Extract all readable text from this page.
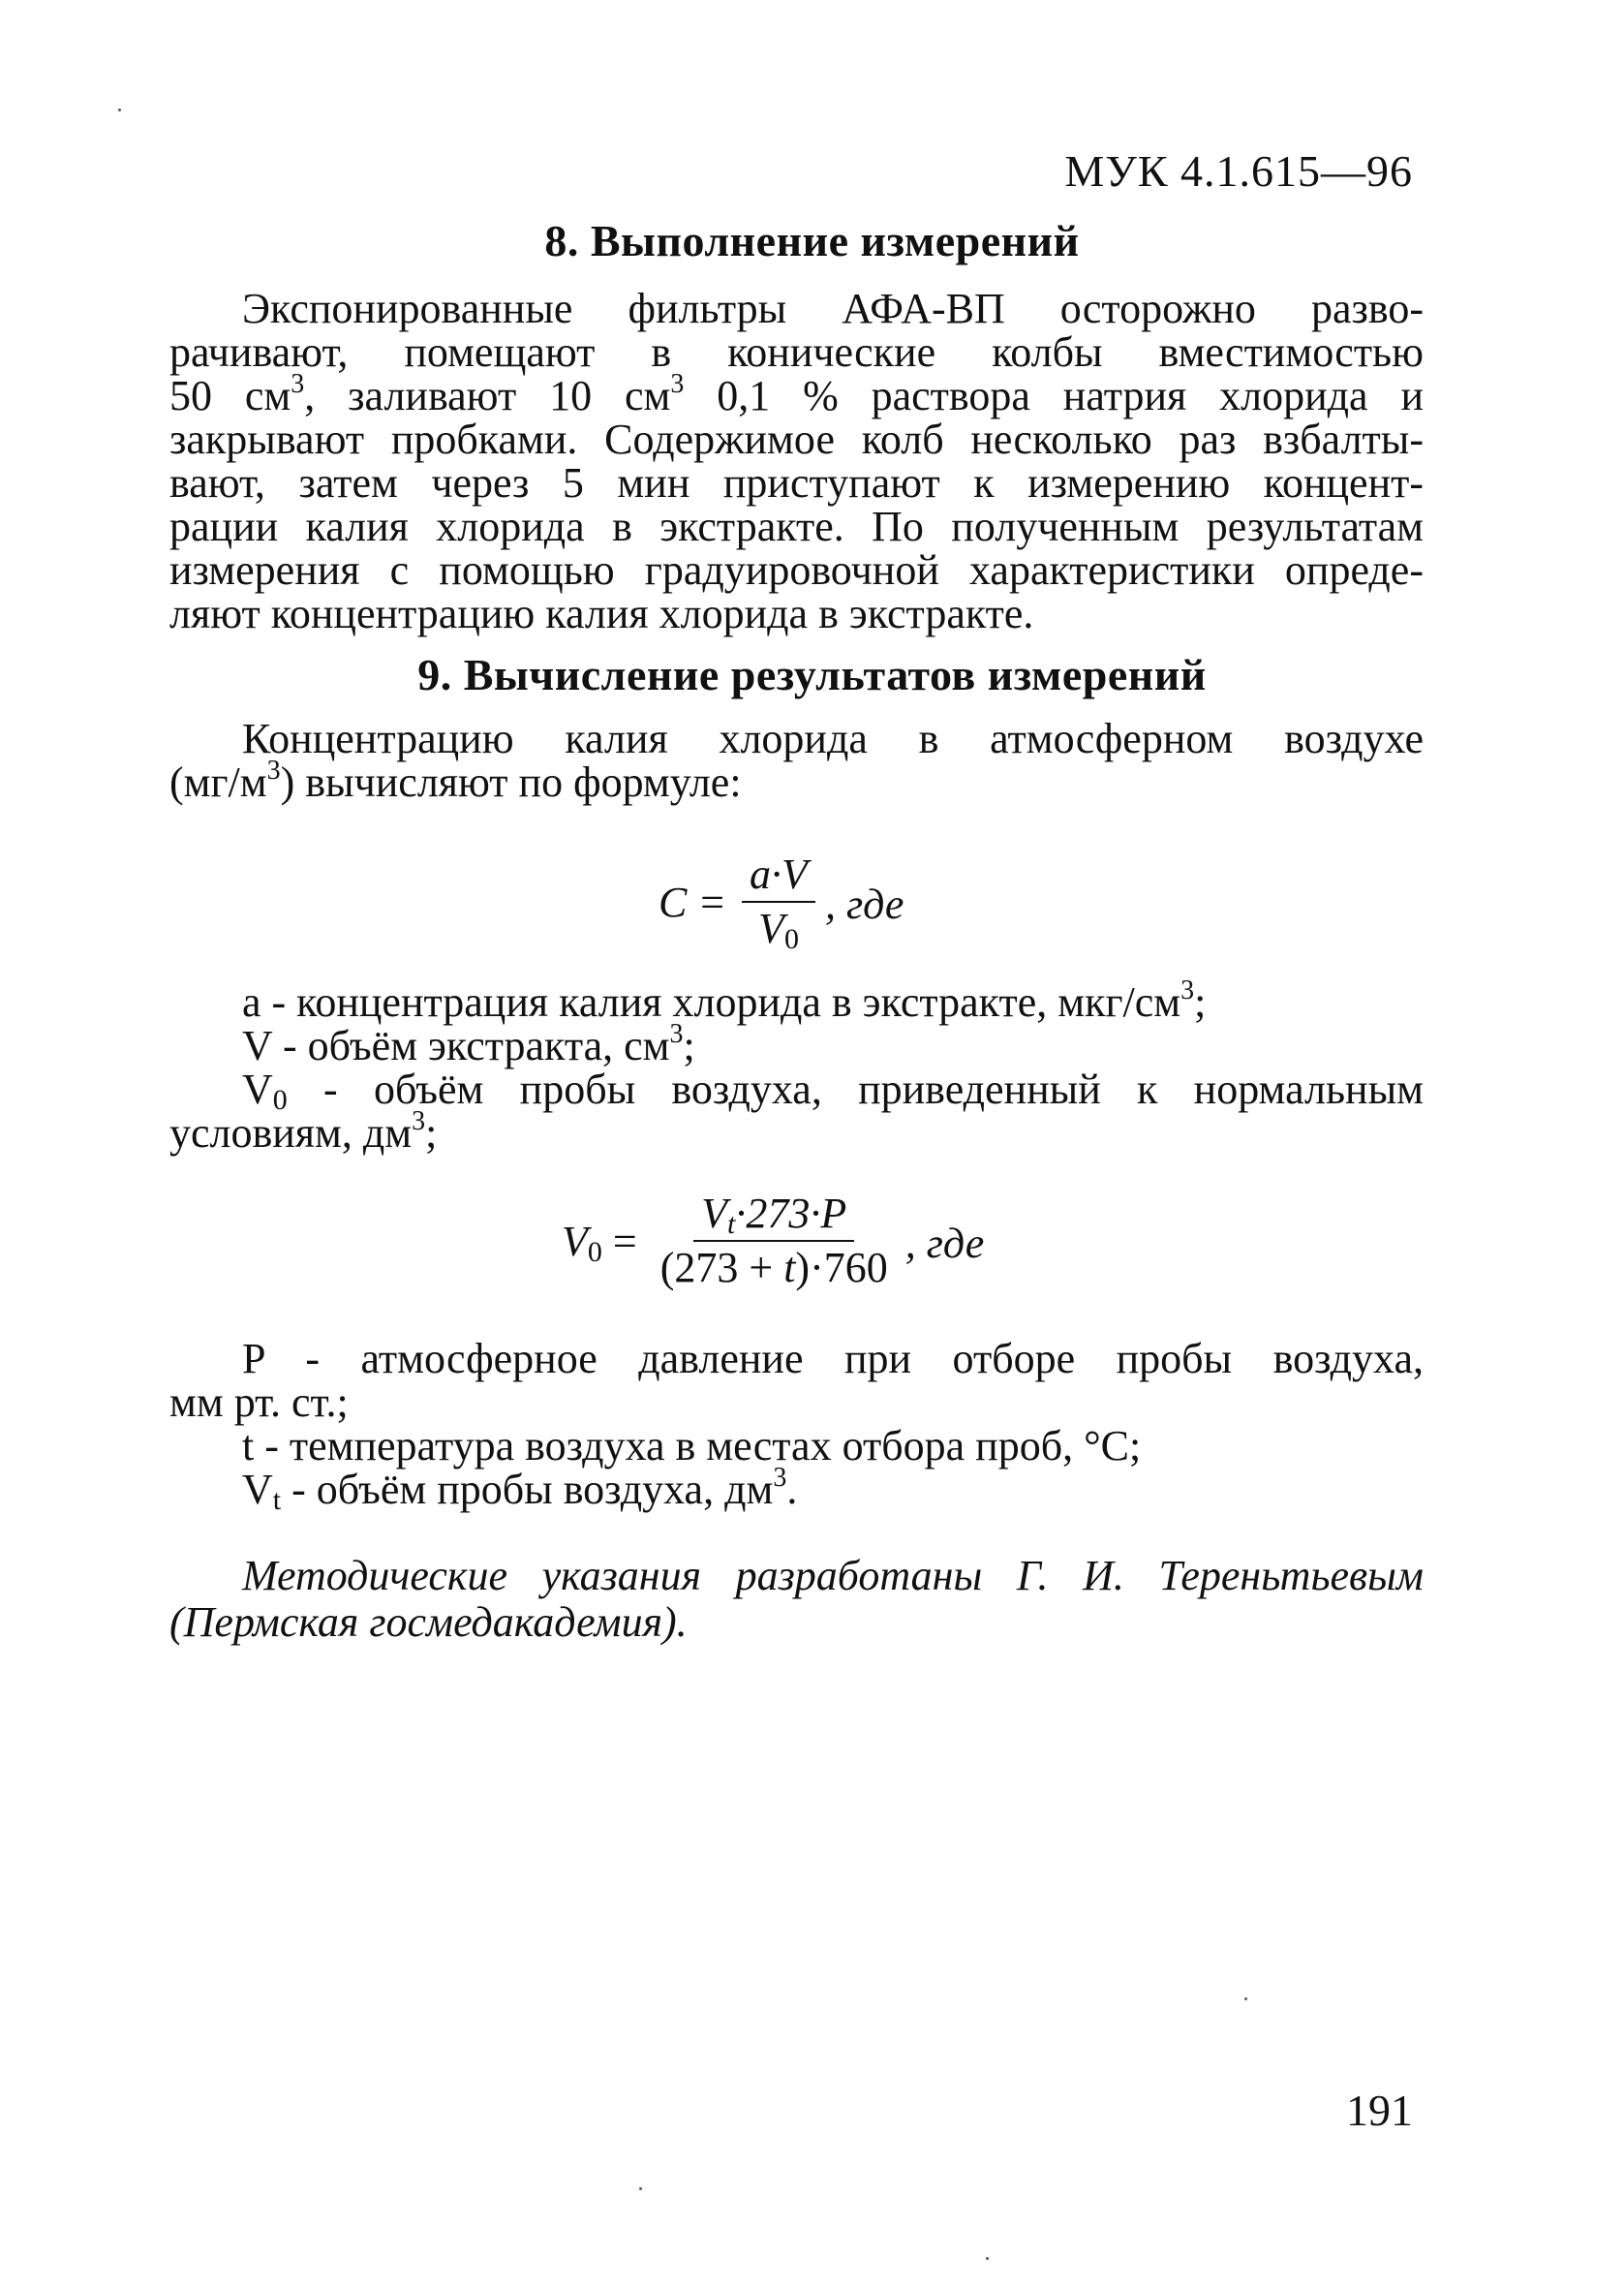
МУК 4.1.615—96
8. Выполнение измерений
Экспонированные фильтры АФА-ВП осторожно разво-
рачивают, помещают в конические колбы вместимостью
50 $см^3$, заливают 10 $см^3$ 0,1 % раствора натрия хлорида и
закрывают пробками. Содержимое колб несколько раз взбалты-
вают, затем через 5 мин приступают к измерению концент-
рации калия хлорида в экстракте. По полученным результатам
измерения с помощью градуировочной характеристики опреде-
ляют концентрацию калия хлорида в экстракте.
9. Вычисление результатов измерений
Концентрацию калия хлорида в атмосферном воздухе
$(мг/м^3)$ вычисляют по формуле:
$C = \frac{a\cdot V}{V_0}$ , где
a - концентрация калия хлорида в экстракте, мкг/$см^3$;
V - объём экстракта, $см^3$;
$V_0$ - объём пробы воздуха, приведенный к нормальным
условиям, $дм^3$;
$V_0 = \frac{V_t\cdot 273\cdot P}{(273 + t)\cdot 760}$ , где
P - атмосферное давление при отборе пробы воздуха,
мм рт. ст.;
t - температура воздуха в местах отбора проб, °C;
$V_t$ - объём пробы воздуха, $дм^3$.
Методические указания разработаны Г. И. Тереньтьевым
(Пермская госмедакадемия).
191
